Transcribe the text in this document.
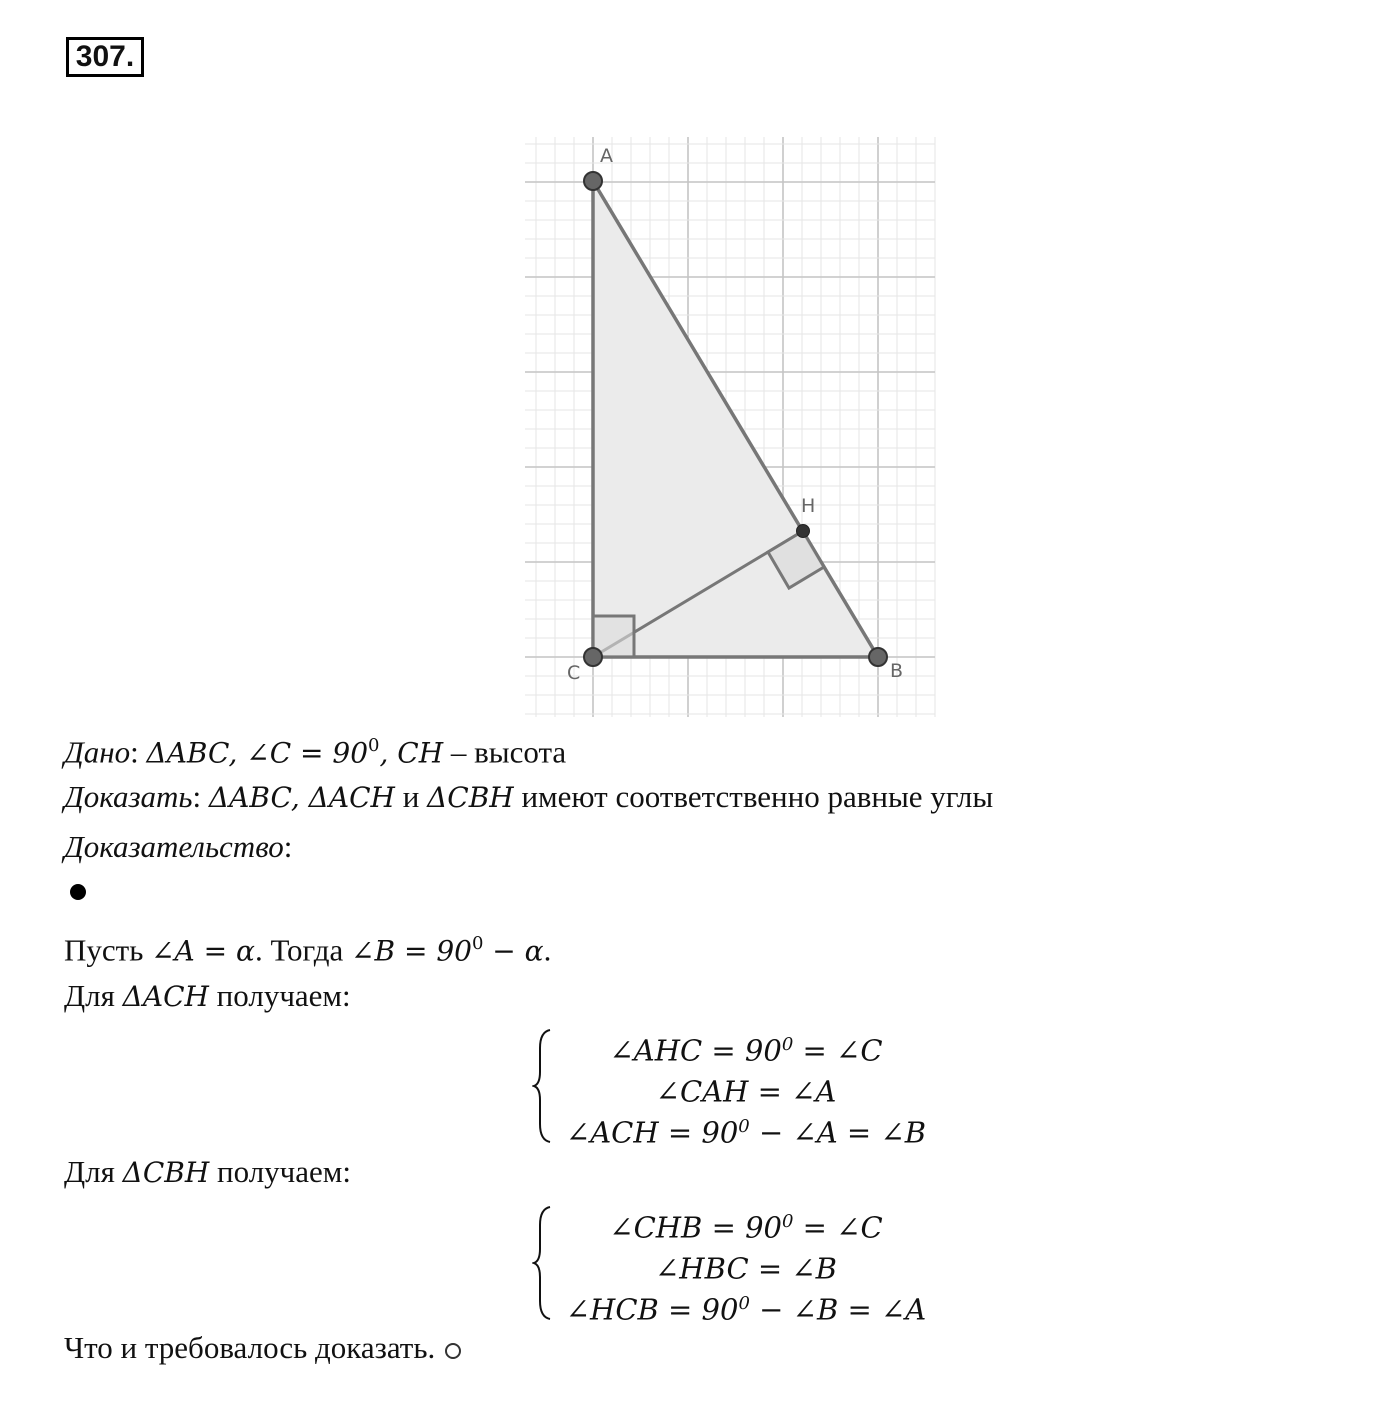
307.
A
B
C
H
Дано: ΔABC, ∠C = $90^0$, CH – высота
Доказать: ΔABC, ΔACH и ΔCBH имеют соответственно равные углы
Доказательство:
Пусть ∠A = α. Тогда ∠B = $90^0 - \alpha$.
Для ΔACH получаем:
∠AHC = $90^0$ = ∠C
∠CAH = ∠A
∠ACH = $90^0$ − ∠A = ∠B
Для ΔCBH получаем:
∠CHB = $90^0$ = ∠C
∠HBC = ∠B
∠HCB = $90^0$ − ∠B = ∠A
Что и требовалось доказать.
